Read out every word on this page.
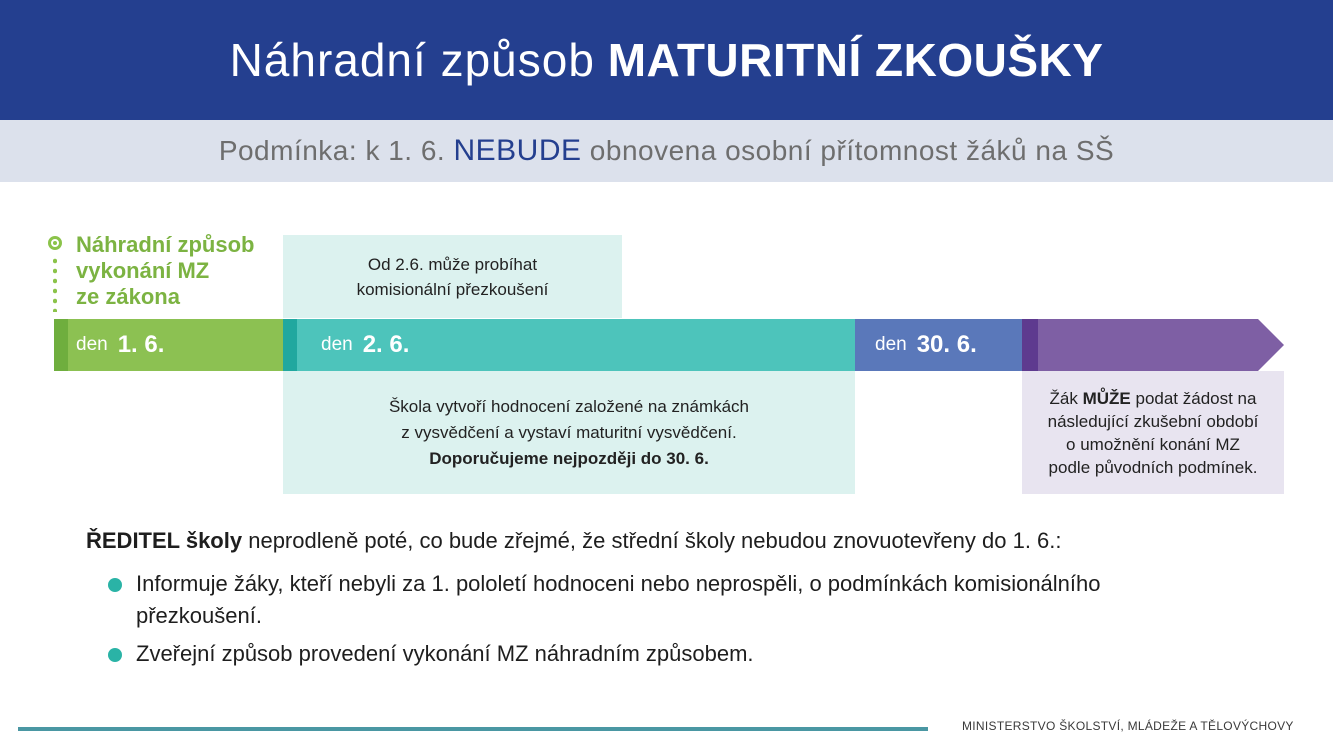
Náhradní způsob MATURITNÍ ZKOUŠKY
Podmínka: k 1. 6. NEBUDE obnovena osobní přítomnost žáků na SŠ
Náhradní způsob
vykonání MZ
ze zákona
Od 2.6. může probíhat
komisionální přezkoušení
den 1. 6.	den 2. 6.	den 30. 6.
Škola vytvoří hodnocení založené na známkách
z vysvědčení a vystaví maturitní vysvědčení.
Doporučujeme nejpozději do 30. 6.
Žák MŮŽE podat žádost na
následující zkušební období
o umožnění konání MZ
podle původních podmínek.
ŘEDITEL školy neprodleně poté, co bude zřejmé, že střední školy nebudou znovuotevřeny do 1. 6.:
Informuje žáky, kteří nebyli za 1. pololetí hodnoceni nebo neprospěli, o podmínkách komisionálního přezkoušení.
Zveřejní způsob provedení vykonání MZ náhradním způsobem.
MINISTERSTVO ŠKOLSTVÍ, MLÁDEŽE A TĚLOVÝCHOVY
